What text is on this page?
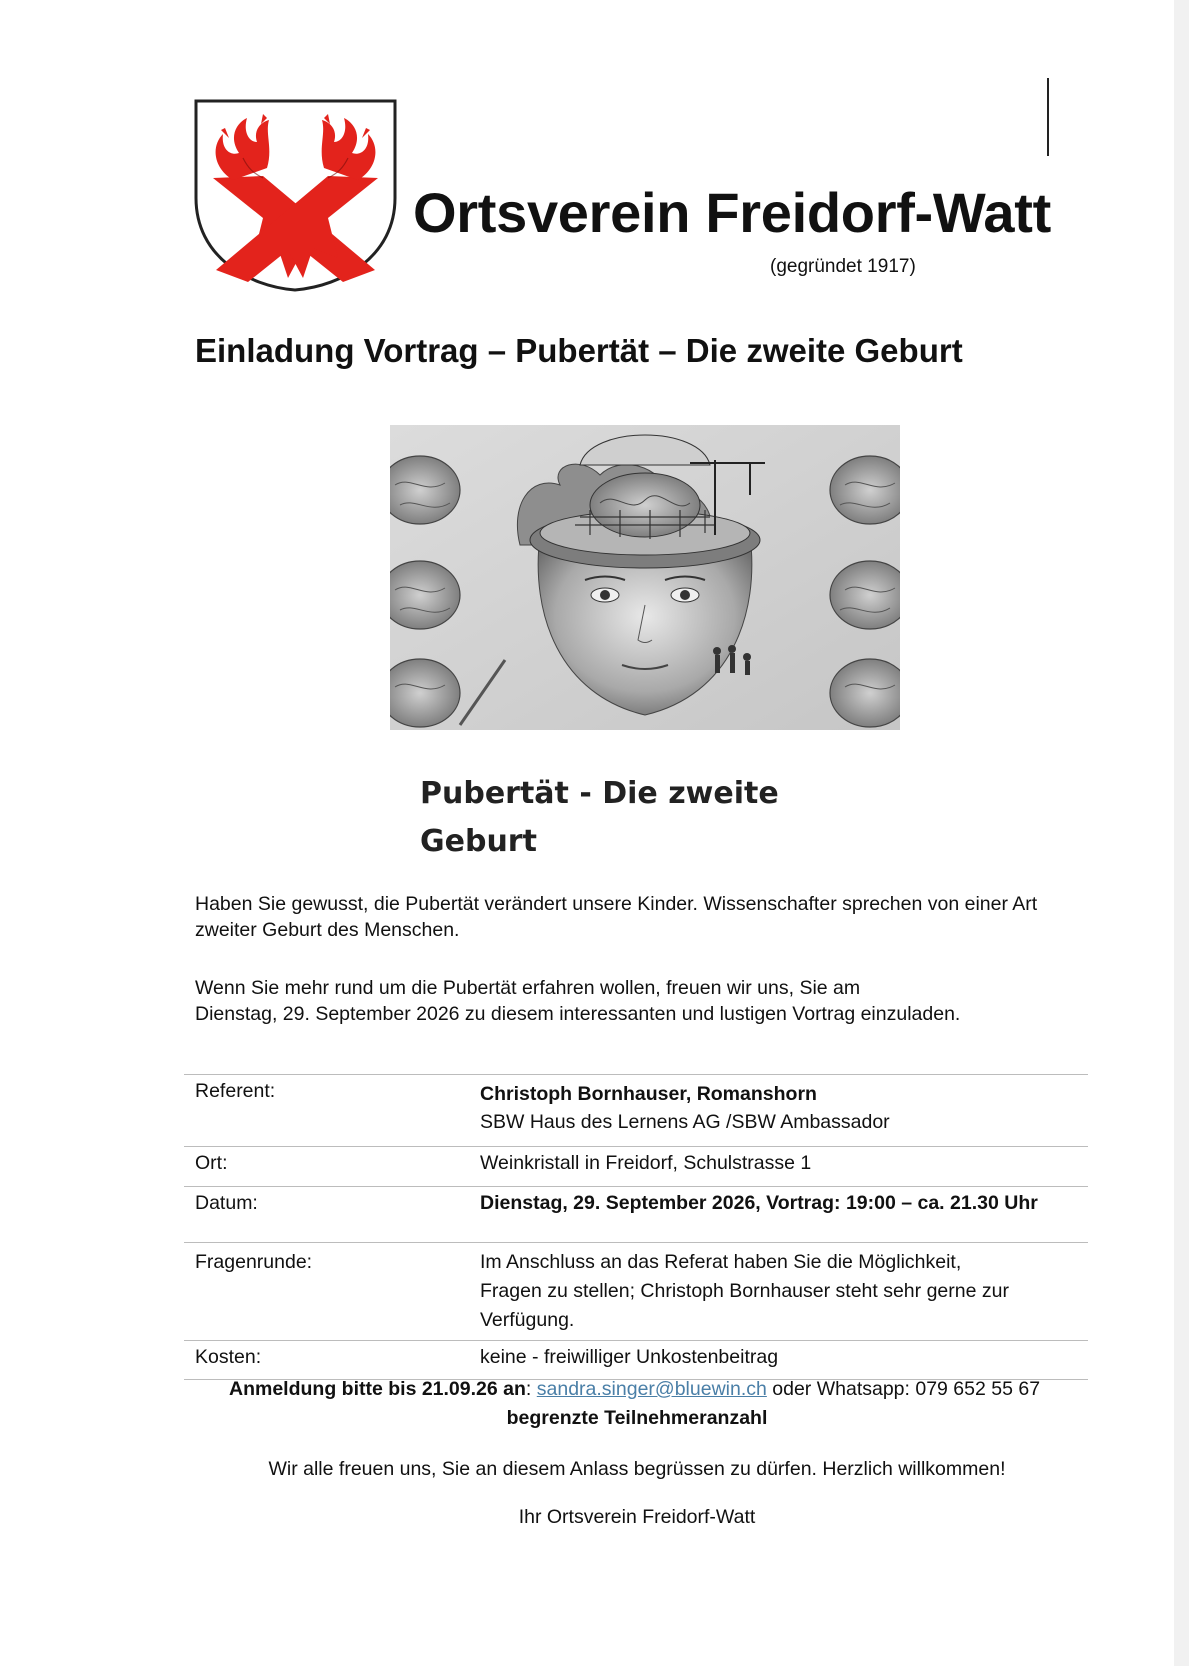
Ortsverein Freidorf-Watt
(gegründet 1917)
Einladung Vortrag – Pubertät – Die zweite Geburt
Pubertät - Die zweite
Geburt
Haben Sie gewusst, die Pubertät verändert unsere Kinder. Wissenschafter sprechen von einer Art zweiter Geburt des Menschen.
Wenn Sie mehr rund um die Pubertät erfahren wollen, freuen wir uns, Sie am
Dienstag, 29. September 2026 zu diesem interessanten und lustigen Vortrag einzuladen.
Referent:	Christoph Bornhauser, Romanshorn
SBW Haus des Lernens AG /SBW Ambassador

Ort:	Weinkristall in Freidorf, Schulstrasse 1
Datum:	Dienstag, 29. September 2026, Vortrag: 19:00 – ca. 21.30 Uhr
Fragenrunde:	Im Anschluss an das Referat haben Sie die Möglichkeit,
Fragen zu stellen; Christoph Bornhauser steht sehr gerne zur
Verfügung.

Kosten:	keine - freiwilliger Unkostenbeitrag
Anmeldung bitte bis 21.09.26 an: sandra.singer@bluewin.ch oder Whatsapp: 079 652 55 67
begrenzte Teilnehmeranzahl
Wir alle freuen uns, Sie an diesem Anlass begrüssen zu dürfen. Herzlich willkommen!
Ihr Ortsverein Freidorf-Watt
